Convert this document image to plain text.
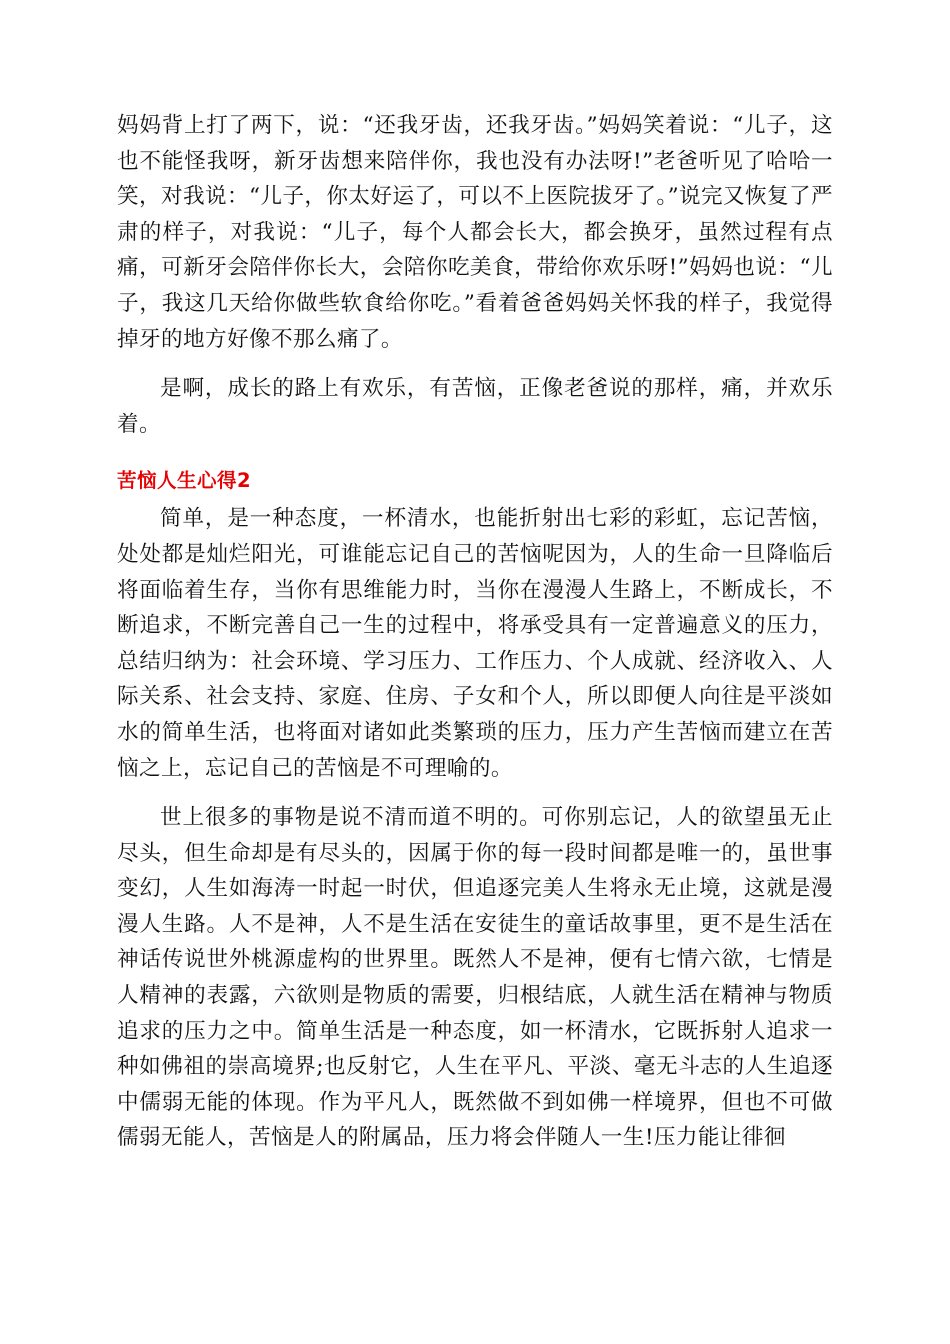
妈妈背上打了两下，说：“还我牙齿，还我牙齿。”妈妈笑着说：“儿子，这也不能怪我呀，新牙齿想来陪伴你，我也没有办法呀!”老爸听见了哈哈一笑，对我说：“儿子，你太好运了，可以不上医院拔牙了。”说完又恢复了严肃的样子，对我说：“儿子，每个人都会长大，都会换牙，虽然过程有点痛，可新牙会陪伴你长大，会陪你吃美食，带给你欢乐呀!”妈妈也说：“儿子，我这几天给你做些软食给你吃。”看着爸爸妈妈关怀我的样子，我觉得掉牙的地方好像不那么痛了。

是啊，成长的路上有欢乐，有苦恼，正像老爸说的那样，痛，并欢乐着。

苦恼人生心得2

简单，是一种态度，一杯清水，也能折射出七彩的彩虹，忘记苦恼，处处都是灿烂阳光，可谁能忘记自己的苦恼呢因为，人的生命一旦降临后将面临着生存，当你有思维能力时，当你在漫漫人生路上，不断成长，不断追求，不断完善自己一生的过程中，将承受具有一定普遍意义的压力，总结归纳为：社会环境、学习压力、工作压力、个人成就、经济收入、人际关系、社会支持、家庭、住房、子女和个人，所以即便人向往是平淡如水的简单生活，也将面对诸如此类繁琐的压力，压力产生苦恼而建立在苦恼之上，忘记自己的苦恼是不可理喻的。

世上很多的事物是说不清而道不明的。可你别忘记，人的欲望虽无止尽头，但生命却是有尽头的，因属于你的每一段时间都是唯一的，虽世事变幻，人生如海涛一时起一时伏，但追逐完美人生将永无止境，这就是漫漫人生路。人不是神，人不是生活在安徒生的童话故事里，更不是生活在神话传说世外桃源虚构的世界里。既然人不是神，便有七情六欲，七情是人精神的表露，六欲则是物质的需要，归根结底，人就生活在精神与物质追求的压力之中。简单生活是一种态度，如一杯清水，它既拆射人追求一种如佛祖的崇高境界;也反射它，人生在平凡、平淡、毫无斗志的人生追逐中儒弱无能的体现。作为平凡人，既然做不到如佛一样境界，但也不可做儒弱无能人，苦恼是人的附属品，压力将会伴随人一生!压力能让徘徊
